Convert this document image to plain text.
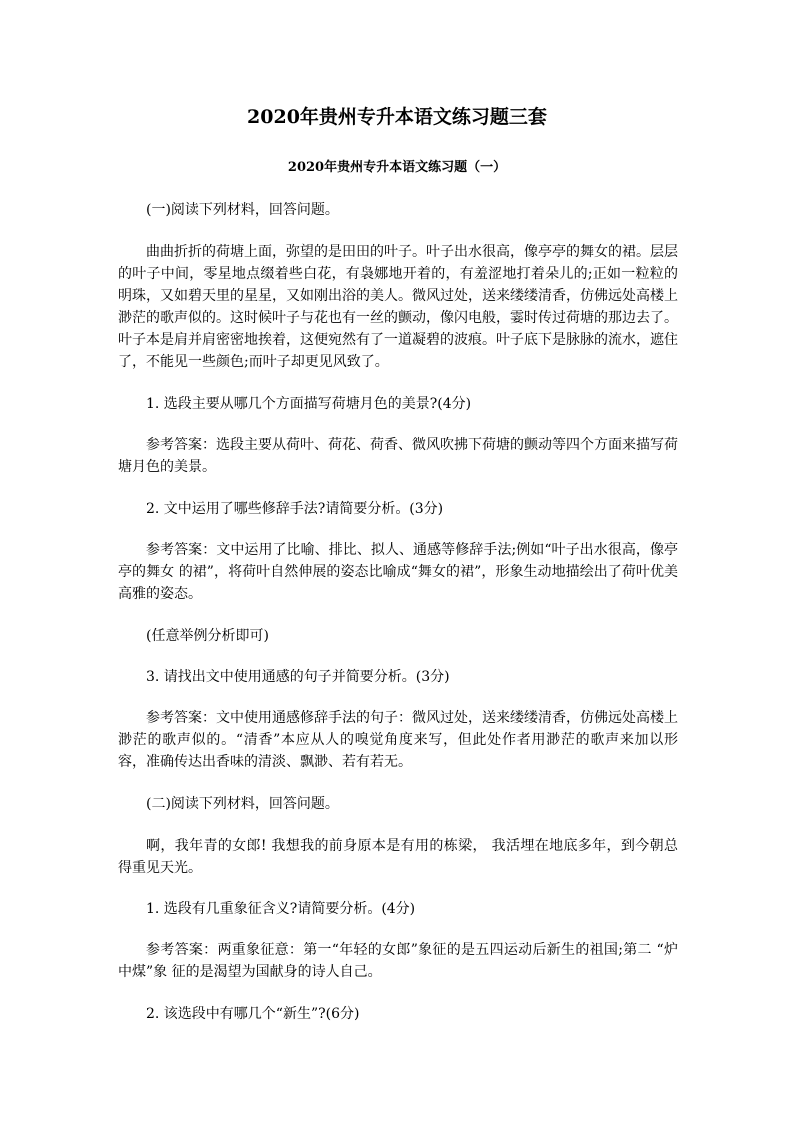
2020年贵州专升本语文练习题三套
2020年贵州专升本语文练习题（一）

(一)阅读下列材料，回答问题。

曲曲折折的荷塘上面，弥望的是田田的叶子。叶子出水很高，像亭亭的舞女的裙。层层的叶子中间，零星地点缀着些白花，有袅娜地开着的，有羞涩地打着朵儿的;正如一粒粒的明珠，又如碧天里的星星，又如刚出浴的美人。微风过处，送来缕缕清香，仿佛远处高楼上渺茫的歌声似的。这时候叶子与花也有一丝的颤动，像闪电般，霎时传过荷塘的那边去了。叶子本是肩并肩密密地挨着，这便宛然有了一道凝碧的波痕。叶子底下是脉脉的流水，遮住了，不能见一些颜色;而叶子却更见风致了。

1. 选段主要从哪几个方面描写荷塘月色的美景?(4分)

参考答案：选段主要从荷叶、荷花、荷香、微风吹拂下荷塘的颤动等四个方面来描写荷塘月色的美景。

2. 文中运用了哪些修辞手法?请简要分析。(3分)

参考答案：文中运用了比喻、排比、拟人、通感等修辞手法;例如“叶子出水很高，像亭亭的舞女 的裙”，将荷叶自然伸展的姿态比喻成“舞女的裙”，形象生动地描绘出了荷叶优美高雅的姿态。

(任意举例分析即可)

3. 请找出文中使用通感的句子并简要分析。(3分)

参考答案：文中使用通感修辞手法的句子：微风过处，送来缕缕清香，仿佛远处高楼上渺茫的歌声似的。“清香”本应从人的嗅觉角度来写，但此处作者用渺茫的歌声来加以形容，准确传达出香味的清淡、飘渺、若有若无。

(二)阅读下列材料，回答问题。

啊，我年青的女郎! 我想我的前身原本是有用的栋梁， 我活埋在地底多年，到今朝总得重见天光。

1. 选段有几重象征含义?请简要分析。(4分)

参考答案：两重象征意：第一“年轻的女郎”象征的是五四运动后新生的祖国;第二 “炉中煤”象 征的是渴望为国献身的诗人自己。

2. 该选段中有哪几个“新生”?(6分)
